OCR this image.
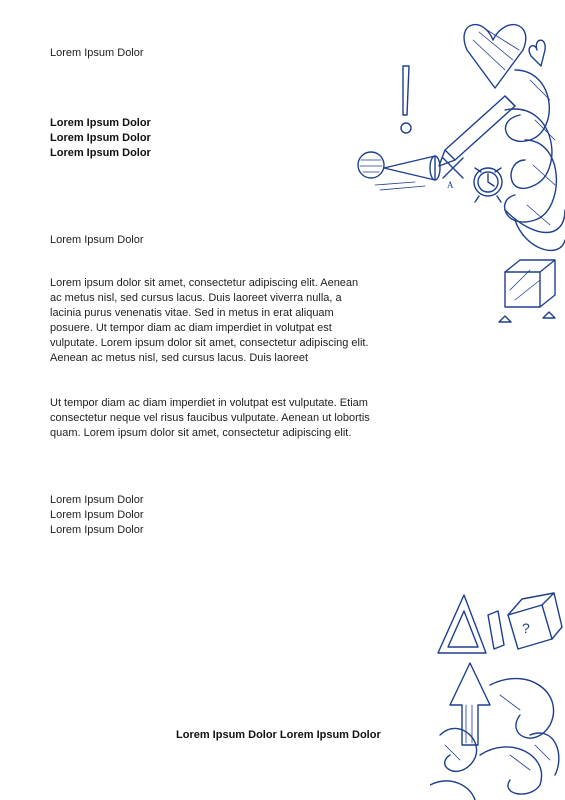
Lorem Ipsum Dolor

Lorem Ipsum Dolor

Lorem Ipsum Dolor

Lorem Ipsum Dolor

Lorem Ipsum Dolor

Lorem ipsum dolor sit amet, consectetur adipiscing elit. Aenean ac metus nisl, sed cursus lacus. Duis laoreet viverra nulla, a lacinia purus venenatis vitae. Sed in metus in erat aliquam posuere. Ut tempor diam ac diam imperdiet in volutpat est vulputate. Lorem ipsum dolor sit amet, consectetur adipiscing elit. Aenean ac metus nisl, sed cursus lacus. Duis laoreet

Ut tempor diam ac diam imperdiet in volutpat est vulputate. Etiam consectetur neque vel risus faucibus vulputate. Aenean ut lobortis quam. Lorem ipsum dolor sit amet, consectetur adipiscing elit.

Lorem Ipsum Dolor

Lorem Ipsum Dolor

Lorem Ipsum Dolor

Lorem Ipsum Dolor Lorem Ipsum Dolor

A
?
